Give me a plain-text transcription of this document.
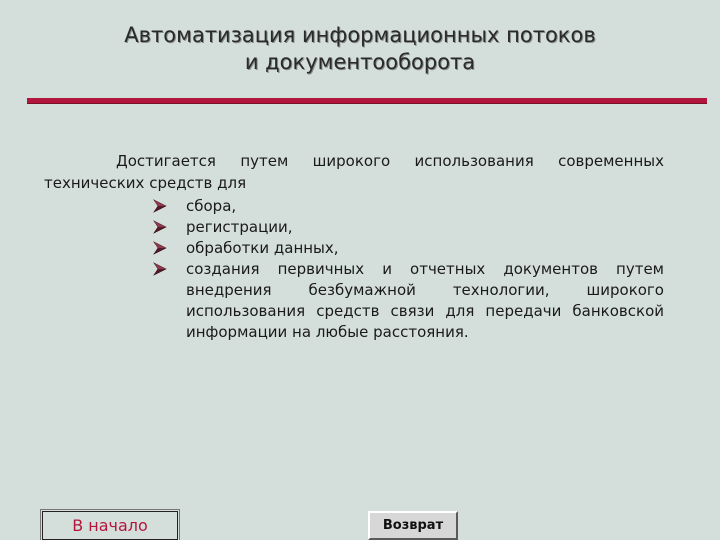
Автоматизация информационных потоков
и документооборота
Достигается путем широкого использования современных технических средств для
сбора,
регистрации,
обработки данных,
создания первичных и отчетных документов путем внедрения безбумажной технологии, широкого использования средств связи для передачи банковской информации на любые расстояния.
В начало	Возврат
